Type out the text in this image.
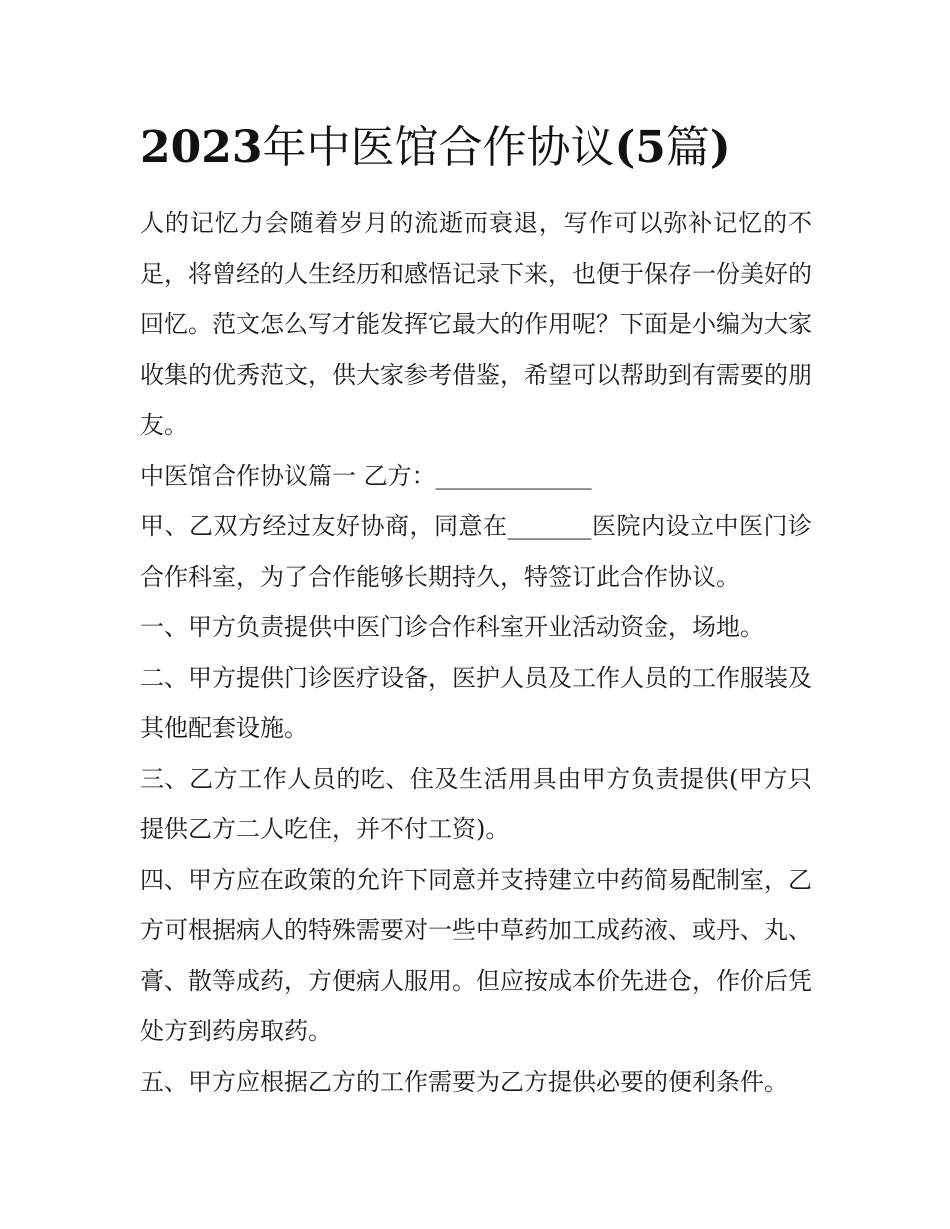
2023年中医馆合作协议(5篇)

人的记忆力会随着岁月的流逝而衰退，写作可以弥补记忆的不足，将曾经的人生经历和感悟记录下来，也便于保存一份美好的回忆。范文怎么写才能发挥它最大的作用呢？下面是小编为大家收集的优秀范文，供大家参考借鉴，希望可以帮助到有需要的朋友。

中医馆合作协议篇一 乙方：_____________

甲、乙双方经过友好协商，同意在_______医院内设立中医门诊合作科室，为了合作能够长期持久，特签订此合作协议。

一、甲方负责提供中医门诊合作科室开业活动资金，场地。

二、甲方提供门诊医疗设备，医护人员及工作人员的工作服装及其他配套设施。

三、乙方工作人员的吃、住及生活用具由甲方负责提供(甲方只提供乙方二人吃住，并不付工资)。

四、甲方应在政策的允许下同意并支持建立中药简易配制室，乙方可根据病人的特殊需要对一些中草药加工成药液、或丹、丸、膏、散等成药，方便病人服用。但应按成本价先进仓，作价后凭处方到药房取药。

五、甲方应根据乙方的工作需要为乙方提供必要的便利条件。
